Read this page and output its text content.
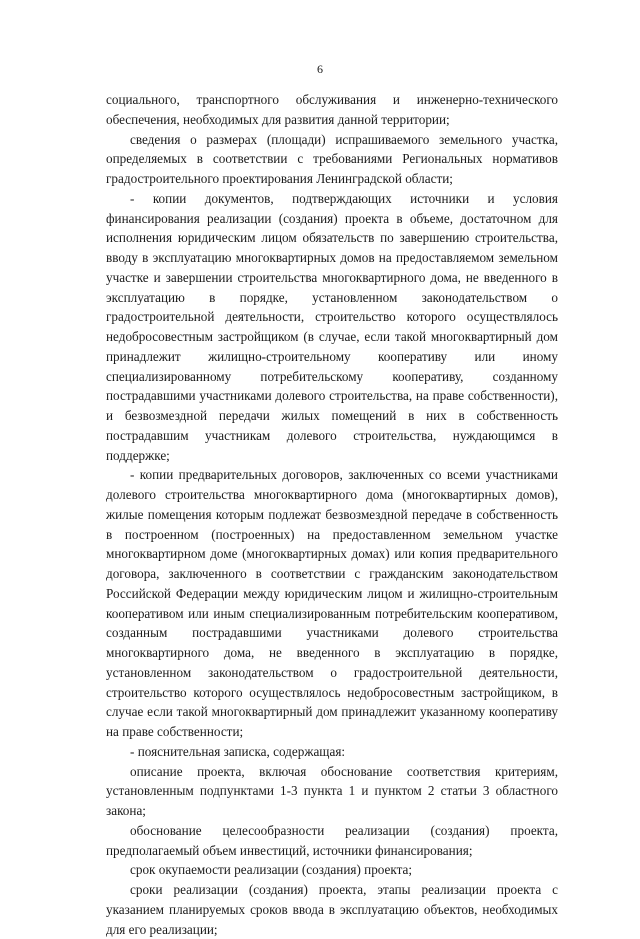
6

социального, транспортного обслуживания и инженерно-технического обеспечения, необходимых для развития данной территории;

сведения о размерах (площади) испрашиваемого земельного участка, определяемых в соответствии с требованиями Региональных нормативов градостроительного проектирования Ленинградской области;

- копии документов, подтверждающих источники и условия финансирования реализации (создания) проекта в объеме, достаточном для исполнения юридическим лицом обязательств по завершению строительства, вводу в эксплуатацию многоквартирных домов на предоставляемом земельном участке и завершении строительства многоквартирного дома, не введенного в эксплуатацию в порядке, установленном законодательством о градостроительной деятельности, строительство которого осуществлялось недобросовестным застройщиком (в случае, если такой многоквартирный дом принадлежит жилищно-строительному кооперативу или иному специализированному потребительскому кооперативу, созданному пострадавшими участниками долевого строительства, на праве собственности), и безвозмездной передачи жилых помещений в них в собственность пострадавшим участникам долевого строительства, нуждающимся в поддержке;

- копии предварительных договоров, заключенных со всеми участниками долевого строительства многоквартирного дома (многоквартирных домов), жилые помещения которым подлежат безвозмездной передаче в собственность в построенном (построенных) на предоставленном земельном участке многоквартирном доме (многоквартирных домах) или копия предварительного договора, заключенного в соответствии с гражданским законодательством Российской Федерации между юридическим лицом и жилищно-строительным кооперативом или иным специализированным потребительским кооперативом, созданным пострадавшими участниками долевого строительства многоквартирного дома, не введенного в эксплуатацию в порядке, установленном законодательством о градостроительной деятельности, строительство которого осуществлялось недобросовестным застройщиком, в случае если такой многоквартирный дом принадлежит указанному кооперативу на праве собственности;

- пояснительная записка, содержащая:

описание проекта, включая обоснование соответствия критериям, установленным подпунктами 1-3 пункта 1 и пунктом 2 статьи 3 областного закона;

обоснование целесообразности реализации (создания) проекта, предполагаемый объем инвестиций, источники финансирования;

срок окупаемости реализации (создания) проекта;

сроки реализации (создания) проекта, этапы реализации проекта с указанием планируемых сроков ввода в эксплуатацию объектов, необходимых для его реализации;
